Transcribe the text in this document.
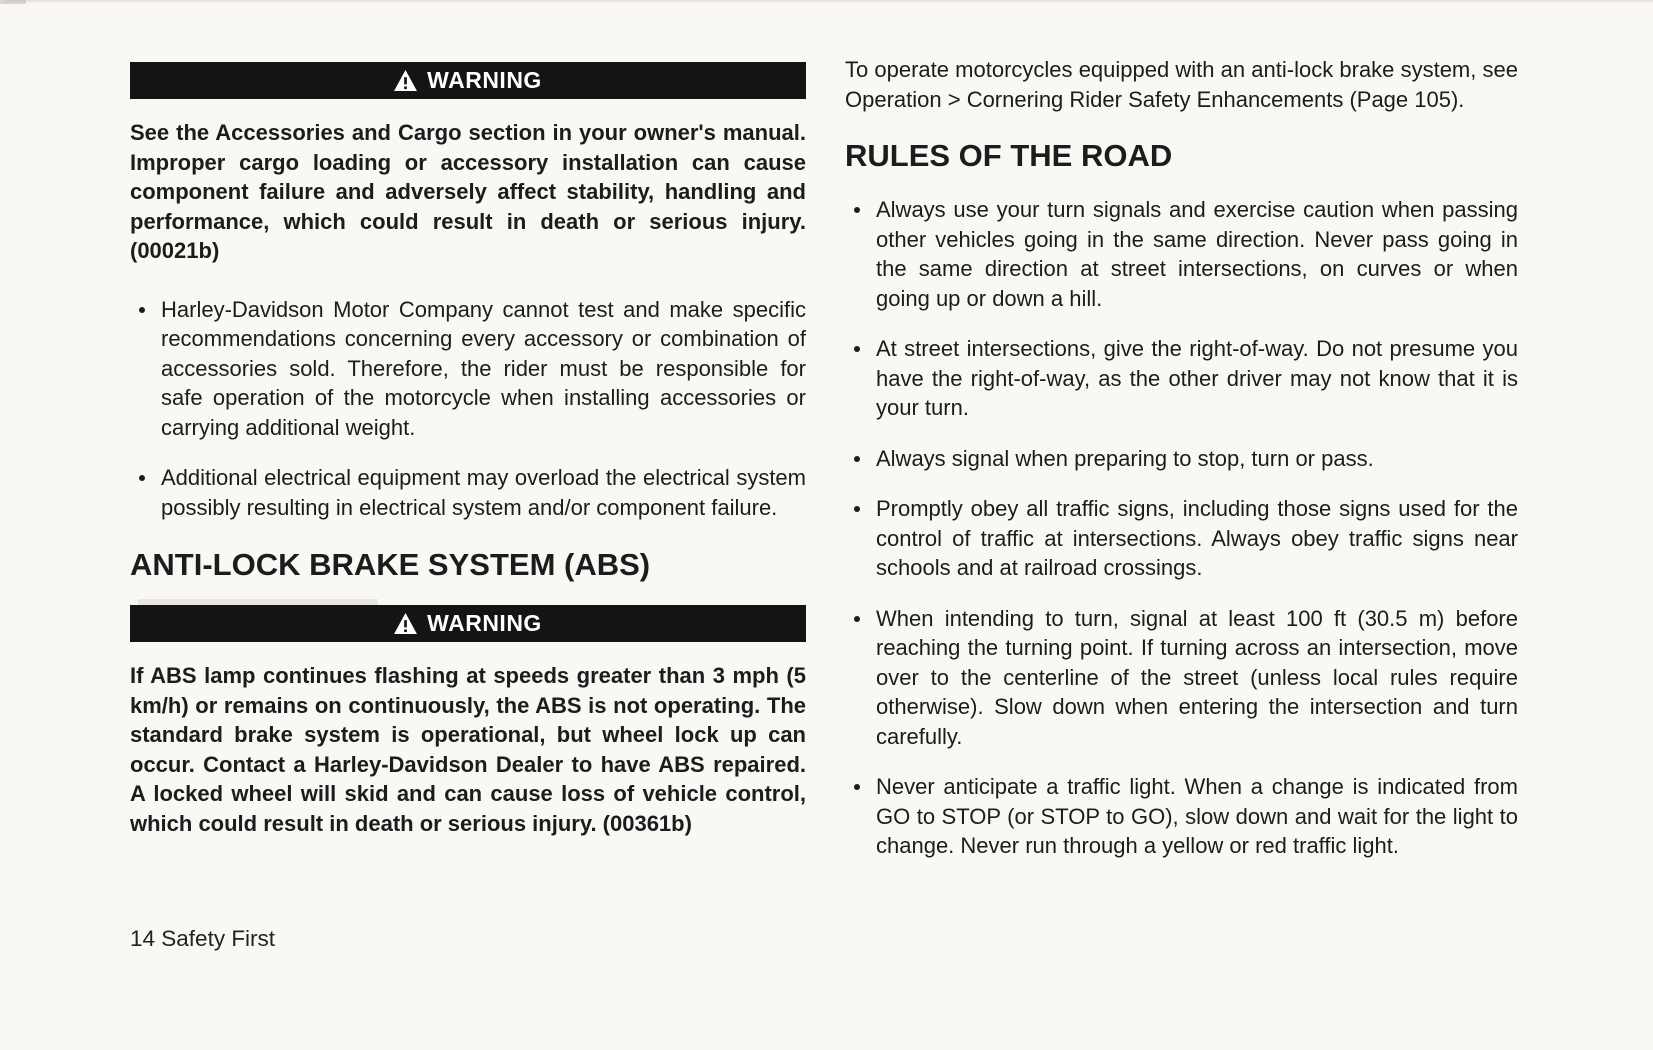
WARNING

See the Accessories and Cargo section in your owner's manual. Improper cargo loading or accessory installation can cause component failure and adversely affect stability, handling and performance, which could result in death or serious injury. (00021b)

Harley-Davidson Motor Company cannot test and make specific recommendations concerning every accessory or combination of accessories sold. Therefore, the rider must be responsible for safe operation of the motorcycle when installing accessories or carrying additional weight.
Additional electrical equipment may overload the electrical system possibly resulting in electrical system and/or component failure.
ANTI-LOCK BRAKE SYSTEM (ABS)
WARNING

If ABS lamp continues flashing at speeds greater than 3 mph (5 km/h) or remains on continuously, the ABS is not operating. The standard brake system is operational, but wheel lock up can occur. Contact a Harley-Davidson Dealer to have ABS repaired. A locked wheel will skid and can cause loss of vehicle control, which could result in death or serious injury. (00361b)

To operate motorcycles equipped with an anti-lock brake system, see Operation > Cornering Rider Safety Enhancements (Page 105).

RULES OF THE ROAD
Always use your turn signals and exercise caution when passing other vehicles going in the same direction. Never pass going in the same direction at street intersections, on curves or when going up or down a hill.
At street intersections, give the right-of-way. Do not presume you have the right-of-way, as the other driver may not know that it is your turn.
Always signal when preparing to stop, turn or pass.
Promptly obey all traffic signs, including those signs used for the control of traffic at intersections. Always obey traffic signs near schools and at railroad crossings.
When intending to turn, signal at least 100 ft (30.5 m) before reaching the turning point. If turning across an intersection, move over to the centerline of the street (unless local rules require otherwise). Slow down when entering the intersection and turn carefully.
Never anticipate a traffic light. When a change is indicated from GO to STOP (or STOP to GO), slow down and wait for the light to change. Never run through a yellow or red traffic light.
14 Safety First
